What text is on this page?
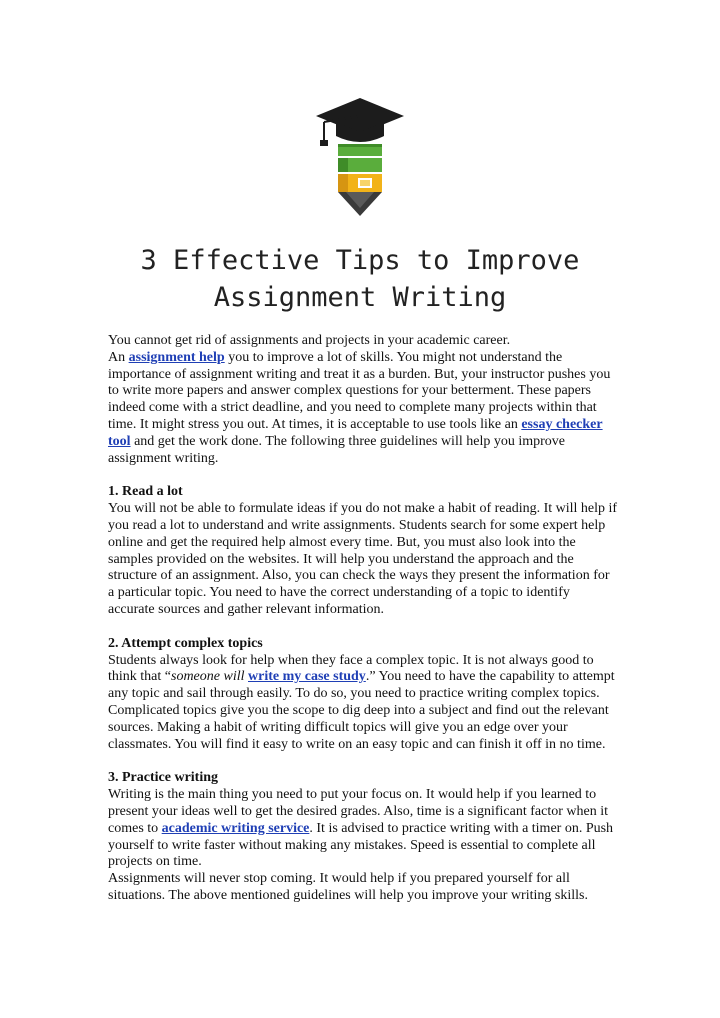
3 Effective Tips to Improve
Assignment Writing

You cannot get rid of assignments and projects in your academic career.

An assignment help you to improve a lot of skills. You might not understand the importance of assignment writing and treat it as a burden. But, your instructor pushes you to write more papers and answer complex questions for your betterment. These papers indeed come with a strict deadline, and you need to complete many projects within that time. It might stress you out. At times, it is acceptable to use tools like an essay checker tool and get the work done. The following three guidelines will help you improve assignment writing.

1. Read a lot

You will not be able to formulate ideas if you do not make a habit of reading. It will help if you read a lot to understand and write assignments. Students search for some expert help online and get the required help almost every time. But, you must also look into the samples provided on the websites. It will help you understand the approach and the structure of an assignment. Also, you can check the ways they present the information for a particular topic. You need to have the correct understanding of a topic to identify accurate sources and gather relevant information.

2. Attempt complex topics

Students always look for help when they face a complex topic. It is not always good to think that “someone will write my case study.” You need to have the capability to attempt any topic and sail through easily. To do so, you need to practice writing complex topics. Complicated topics give you the scope to dig deep into a subject and find out the relevant sources. Making a habit of writing difficult topics will give you an edge over your classmates. You will find it easy to write on an easy topic and can finish it off in no time.

3. Practice writing

Writing is the main thing you need to put your focus on. It would help if you learned to present your ideas well to get the desired grades. Also, time is a significant factor when it comes to academic writing service. It is advised to practice writing with a timer on. Push yourself to write faster without making any mistakes. Speed is essential to complete all projects on time.

Assignments will never stop coming. It would help if you prepared yourself for all situations. The above mentioned guidelines will help you improve your writing skills.
